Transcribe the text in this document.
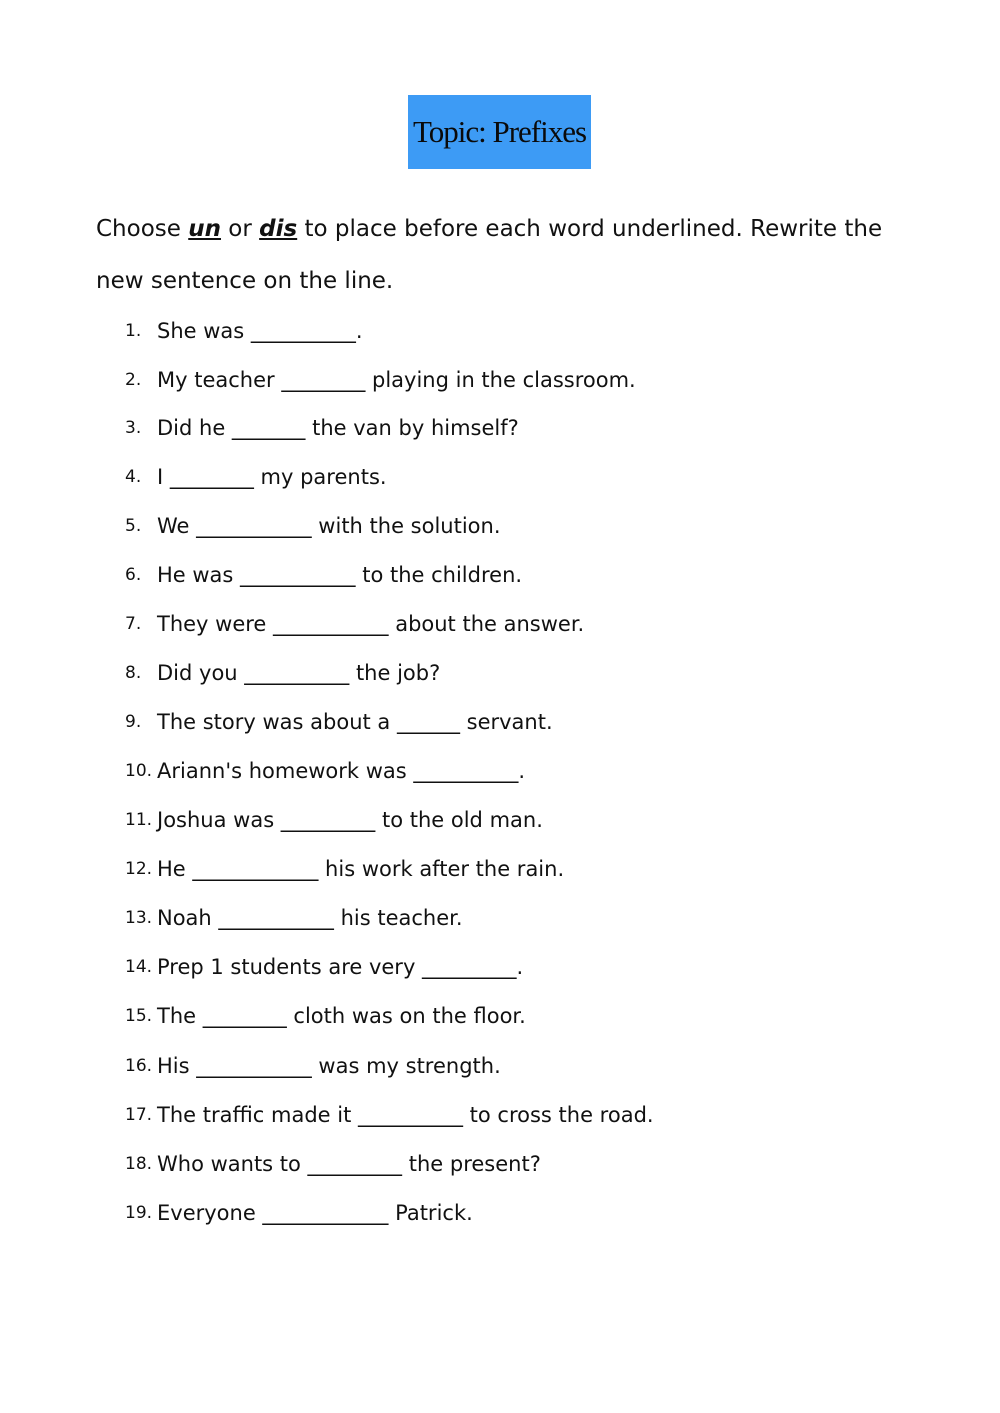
Topic: Prefixes
Choose un or dis to place before each word underlined. Rewrite the new sentence on the line.
1. She was __________.
2. My teacher ________ playing in the classroom.
3. Did he _______ the van by himself?
4. I ________ my parents.
5. We ___________ with the solution.
6. He was ___________ to the children.
7. They were ___________ about the answer.
8. Did you __________ the job?
9. The story was about a ______ servant.
10. Ariann's homework was __________.
11. Joshua was _________ to the old man.
12. He ____________ his work after the rain.
13. Noah ___________ his teacher.
14. Prep 1 students are very _________.
15. The ________ cloth was on the floor.
16. His ___________ was my strength.
17. The traffic made it __________ to cross the road.
18. Who wants to _________ the present?
19. Everyone ____________ Patrick.
